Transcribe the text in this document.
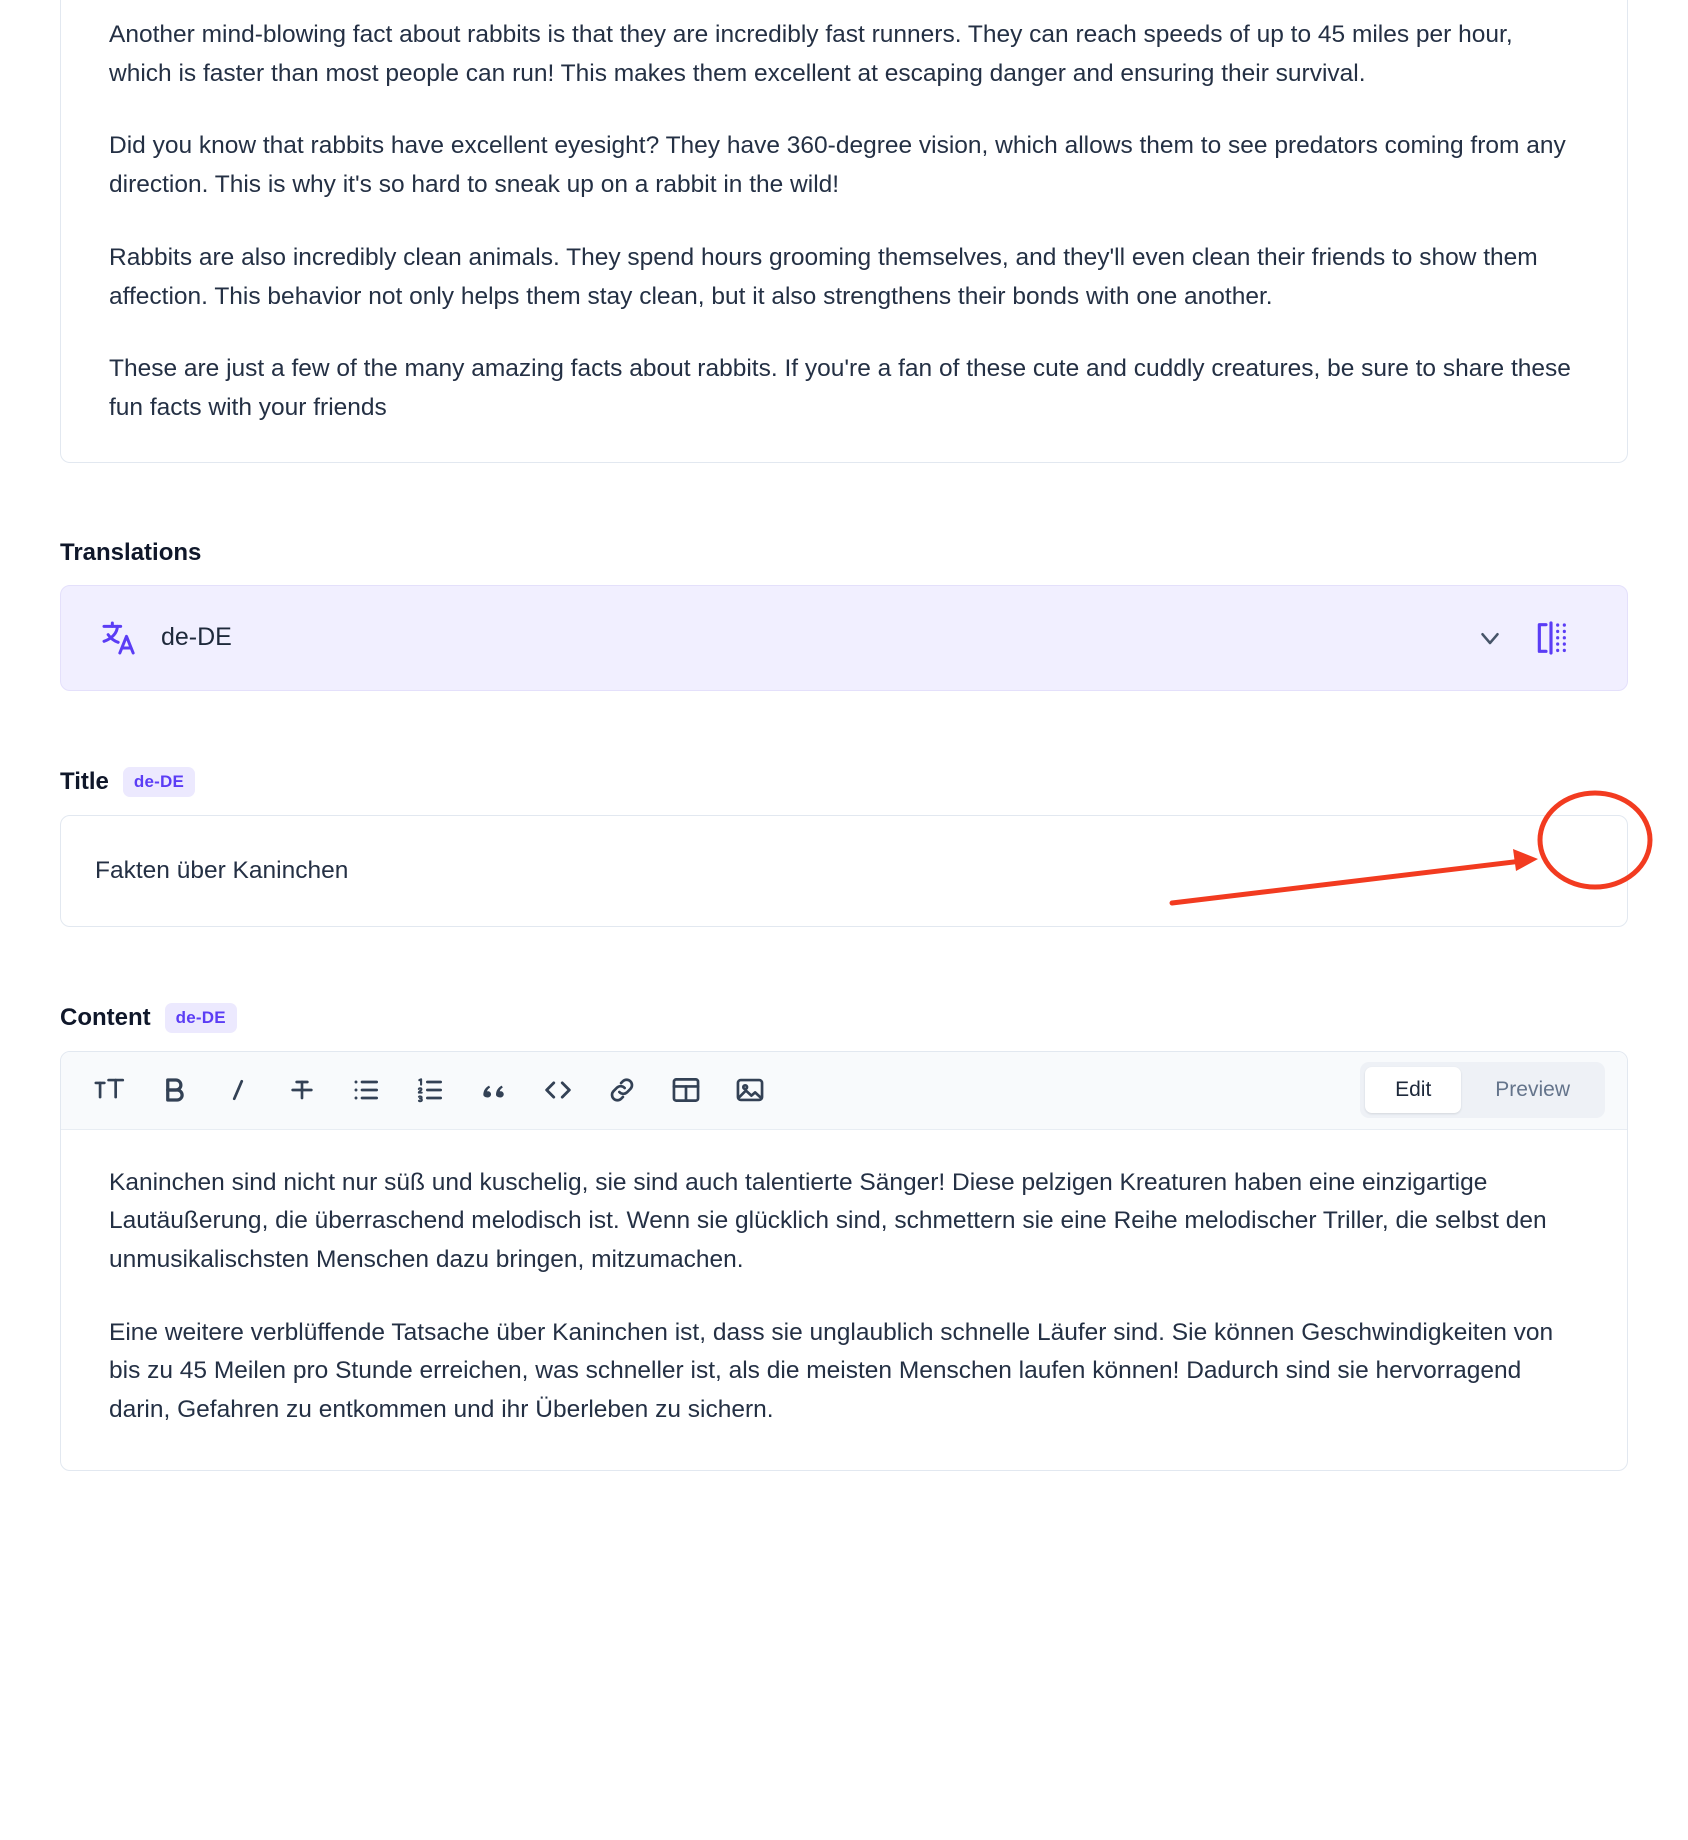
Another mind-blowing fact about rabbits is that they are incredibly fast runners. They can reach speeds of up to 45 miles per hour, which is faster than most people can run! This makes them excellent at escaping danger and ensuring their survival.

Did you know that rabbits have excellent eyesight? They have 360-degree vision, which allows them to see predators coming from any direction. This is why it's so hard to sneak up on a rabbit in the wild!

Rabbits are also incredibly clean animals. They spend hours grooming themselves, and they'll even clean their friends to show them affection. This behavior not only helps them stay clean, but it also strengthens their bonds with one another.

These are just a few of the many amazing facts about rabbits. If you're a fan of these cute and cuddly creatures, be sure to share these fun facts with your friends

Translations
de-DE
Title	de-DE
Fakten über Kaninchen
Content	de-DE
Edit	Preview

Kaninchen sind nicht nur süß und kuschelig, sie sind auch talentierte Sänger! Diese pelzigen Kreaturen haben eine einzigartige Lautäußerung, die überraschend melodisch ist. Wenn sie glücklich sind, schmettern sie eine Reihe melodischer Triller, die selbst den unmusikalischsten Menschen dazu bringen, mitzumachen.

Eine weitere verblüffende Tatsache über Kaninchen ist, dass sie unglaublich schnelle Läufer sind. Sie können Geschwindigkeiten von bis zu 45 Meilen pro Stunde erreichen, was schneller ist, als die meisten Menschen laufen können! Dadurch sind sie hervorragend darin, Gefahren zu entkommen und ihr Überleben zu sichern.
